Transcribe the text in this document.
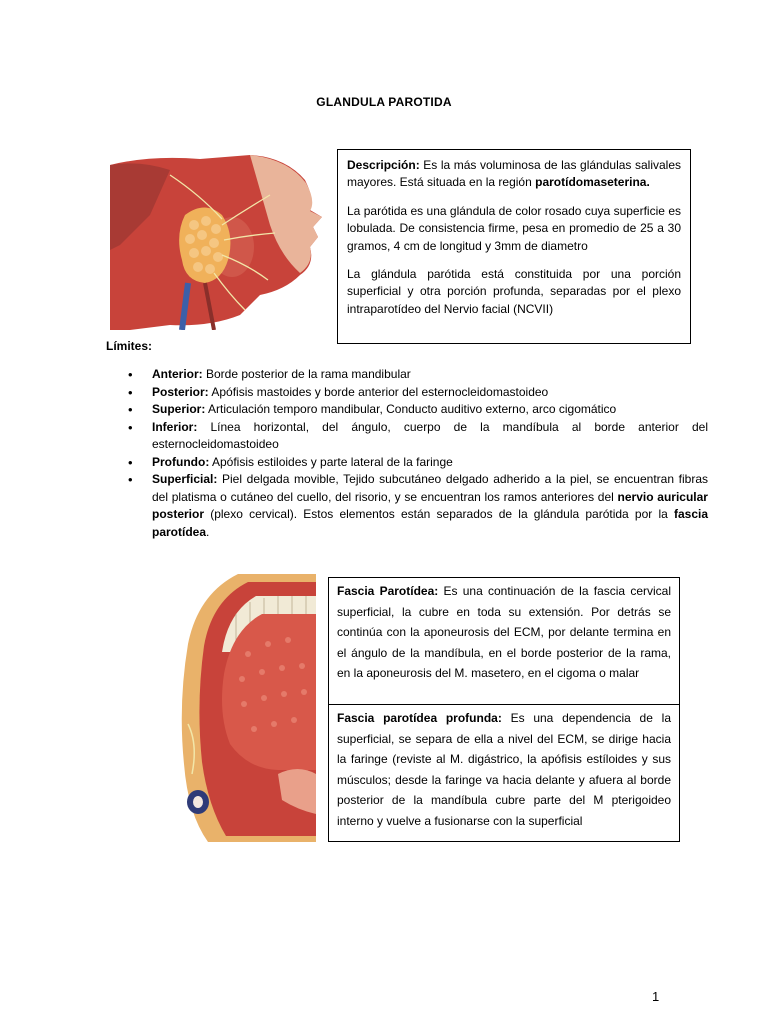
GLANDULA PAROTIDA

Descripción: Es la más voluminosa de las glándulas salivales mayores. Está situada en la región parotídomaseterina.

La parótida es una glándula de color rosado cuya superficie es lobulada. De consistencia firme, pesa en promedio de 25 a 30 gramos, 4 cm de longitud y 3mm de diametro

La glándula parótida está constituida por una porción superficial y otra porción profunda, separadas por el plexo intraparotídeo del Nervio facial (NCVII)

Límites:
• Anterior: Borde posterior de la rama mandibular
• Posterior: Apófisis mastoides y borde anterior del esternocleidomastoideo
• Superior: Articulación temporo mandibular, Conducto auditivo externo, arco cigomático
• Inferior: Línea horizontal, del ángulo, cuerpo de la mandíbula al borde anterior del esternocleidomastoideo
• Profundo: Apófisis estiloides y parte lateral de la faringe
• Superficial: Piel delgada movible, Tejido subcutáneo delgado adherido a la piel, se encuentran fibras del platisma o cutáneo del cuello, del risorio, y se encuentran los ramos anteriores del nervio auricular posterior (plexo cervical). Estos elementos están separados de la glándula parótida por la fascia parotídea.
Fascia Parotídea: Es una continuación de la fascia cervical superficial, la cubre en toda su extensión. Por detrás se continúa con la aponeurosis del ECM, por delante termina en el ángulo de la mandíbula, en el borde posterior de la rama, en la aponeurosis del M. masetero, en el cigoma o malar
Fascia parotídea profunda: Es una dependencia de la superficial, se separa de ella a nivel del ECM, se dirige hacia la faringe (reviste al M. digástrico, la apófisis estíloides y sus músculos; desde la faringe va hacia delante y afuera al borde posterior de la mandíbula cubre parte del M pterigoideo interno y vuelve a fusionarse con la superficial
1
